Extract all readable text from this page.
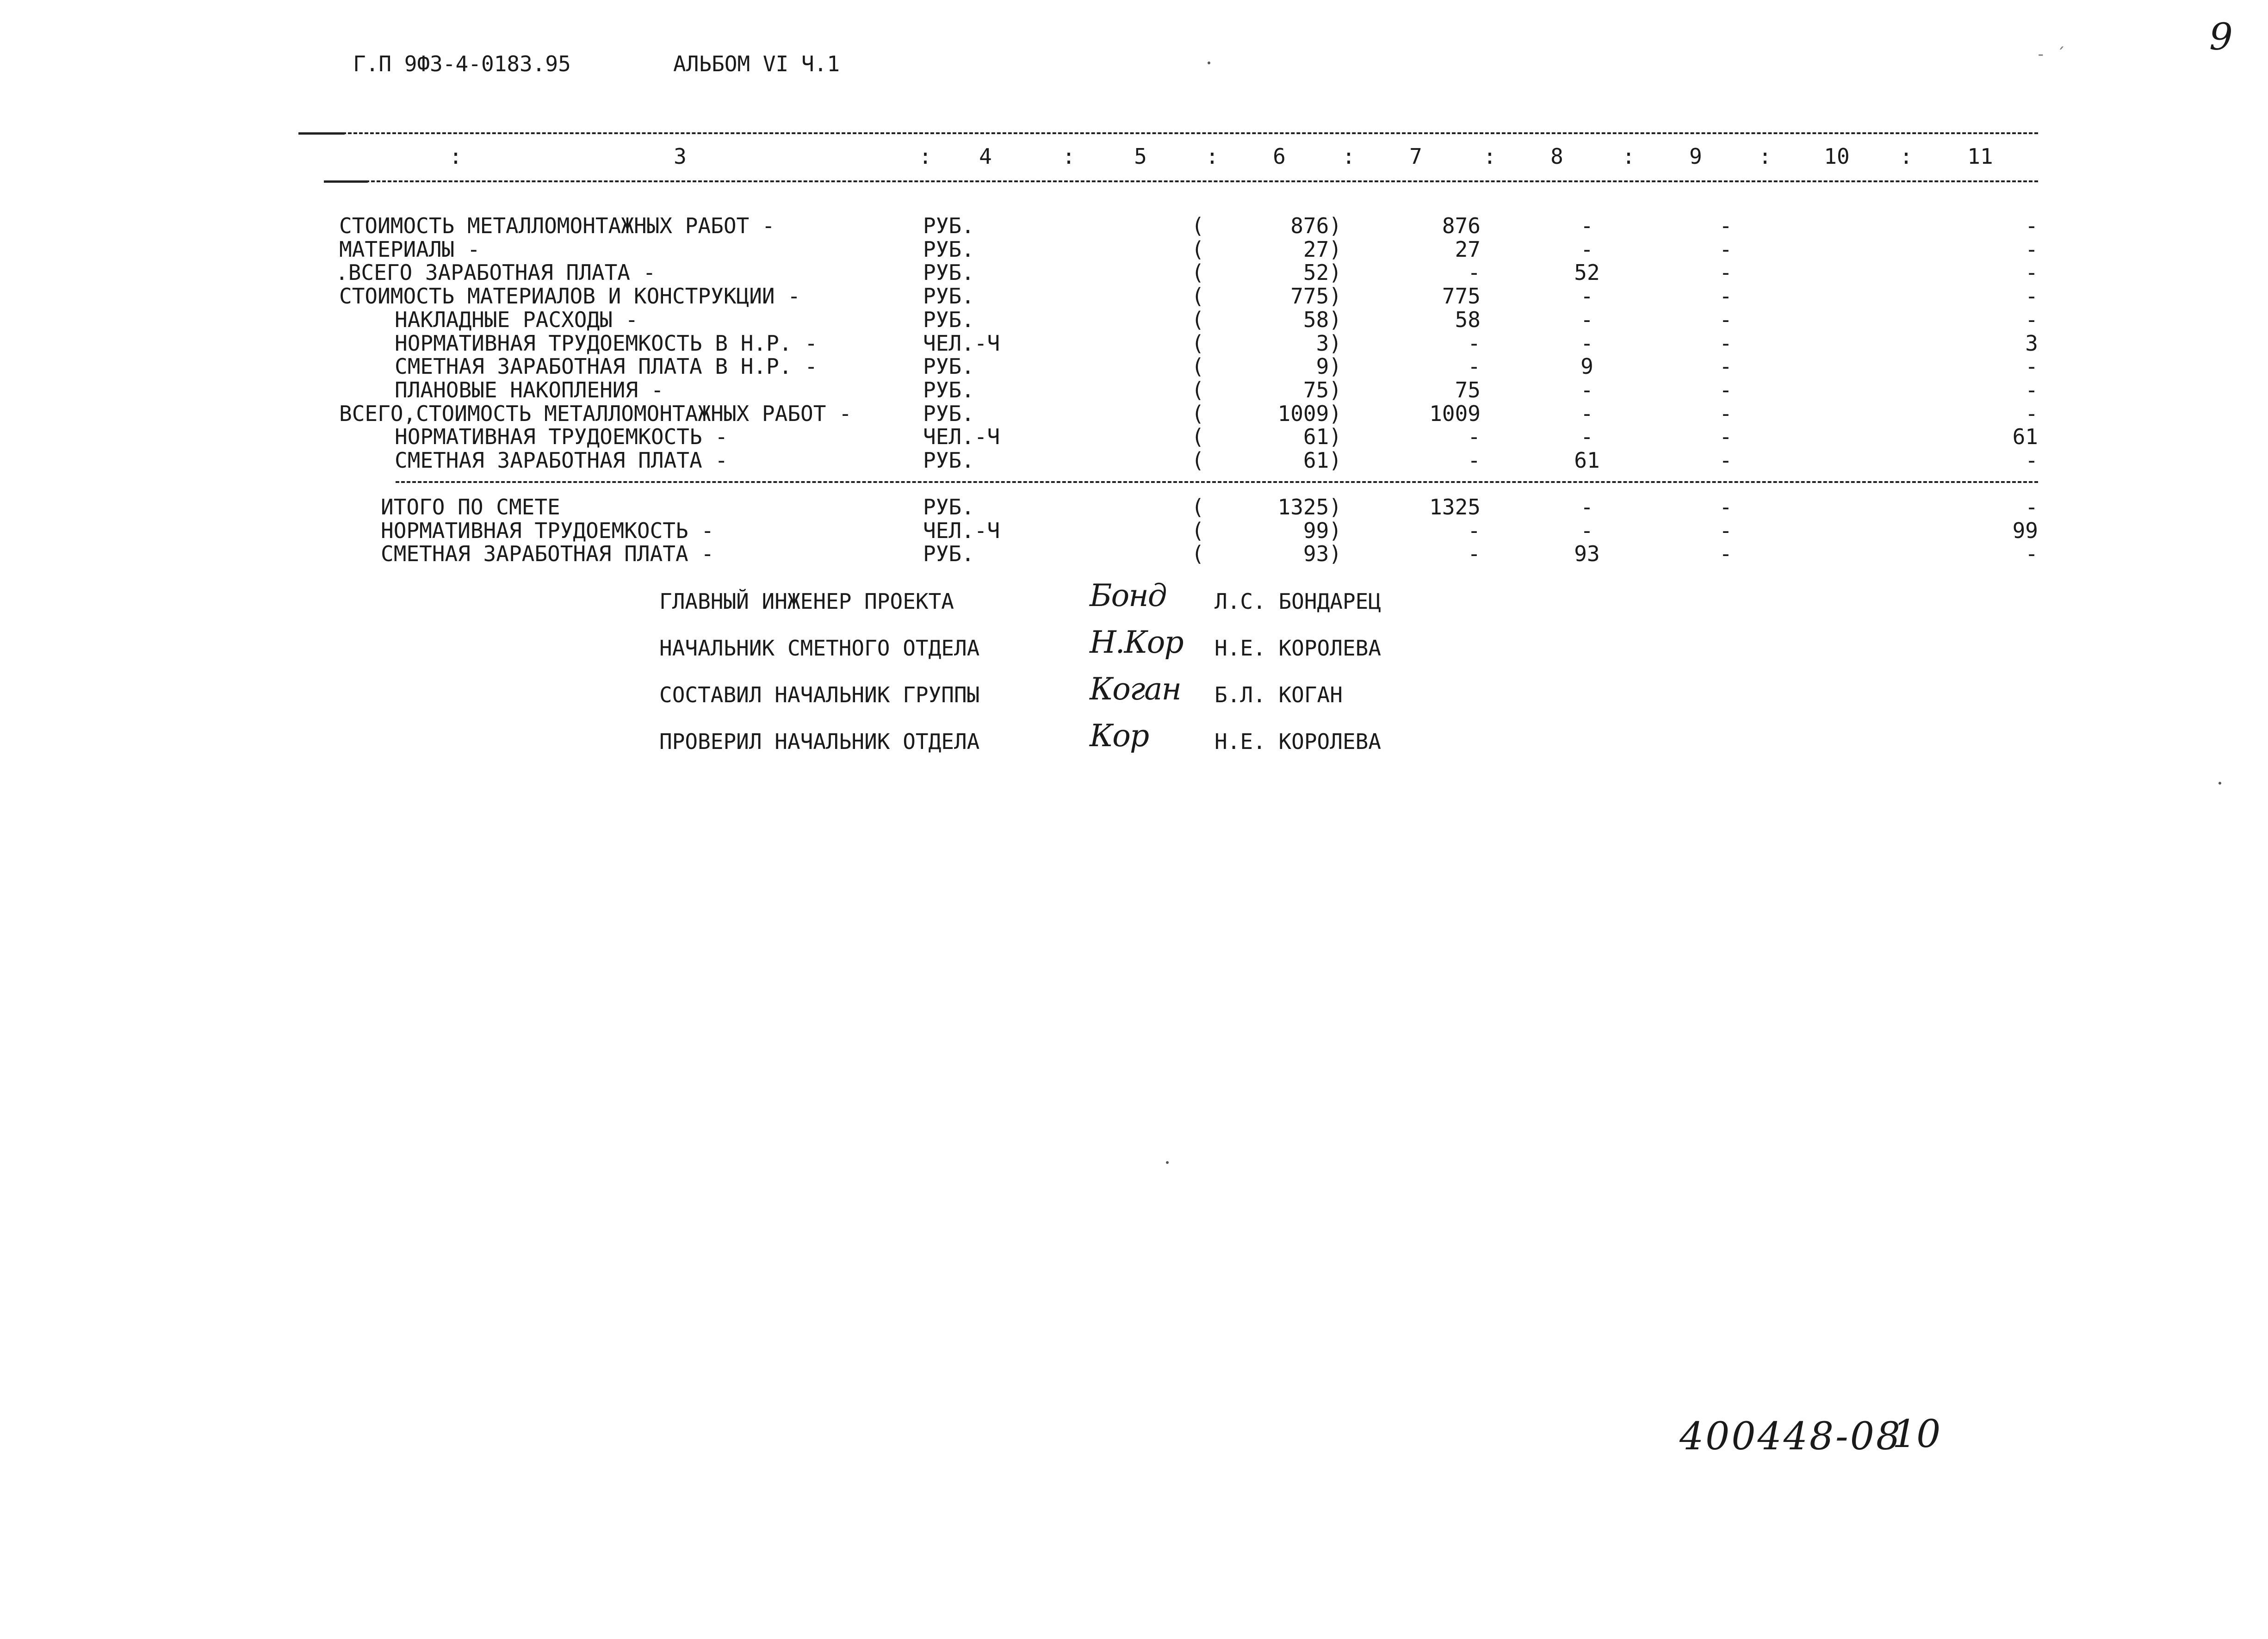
Г.П 9Ф3-4-0183.95	АЛЬБОМ VI Ч.1
9
- ´
:	3	:	4	:	5	:	6	:	7	:	8	:	9	:	10	:	11
СТОИМОСТЬ МЕТАЛЛОМОНТАЖНЫХ РАБОТ -	РУБ.	(	876)	876	-	-	-
МАТЕРИАЛЫ -	РУБ.	(	27)	27	-	-	-
.ВСЕГО ЗАРАБОТНАЯ ПЛАТА -	РУБ.	(	52)	-	52	-	-
СТОИМОСТЬ МАТЕРИАЛОВ И КОНСТРУКЦИИ -	РУБ.	(	775)	775	-	-	-
НАКЛАДНЫЕ РАСХОДЫ -	РУБ.	(	58)	58	-	-	-
НОРМАТИВНАЯ ТРУДОЕМКОСТЬ В Н.Р. -	ЧЕЛ.-Ч	(	3)	-	-	-	3
СМЕТНАЯ ЗАРАБОТНАЯ ПЛАТА В Н.Р. -	РУБ.	(	9)	-	9	-	-
ПЛАНОВЫЕ НАКОПЛЕНИЯ -	РУБ.	(	75)	75	-	-	-
ВСЕГО,СТОИМОСТЬ МЕТАЛЛОМОНТАЖНЫХ РАБОТ -	РУБ.	(	1009)	1009	-	-	-
НОРМАТИВНАЯ ТРУДОЕМКОСТЬ -	ЧЕЛ.-Ч	(	61)	-	-	-	61
СМЕТНАЯ ЗАРАБОТНАЯ ПЛАТА -	РУБ.	(	61)	-	61	-	-
ИТОГО ПО СМЕТЕ	РУБ.	(	1325)	1325	-	-	-
НОРМАТИВНАЯ ТРУДОЕМКОСТЬ -	ЧЕЛ.-Ч	(	99)	-	-	-	99
СМЕТНАЯ ЗАРАБОТНАЯ ПЛАТА -	РУБ.	(	93)	-	93	-	-
ГЛАВНЫЙ ИНЖЕНЕР ПРОЕКТА	Бонд Л.С. БОНДАРЕЦ
НАЧАЛЬНИК СМЕТНОГО ОТДЕЛА	Н.Кор Н.Е. КОРОЛЕВА
СОСТАВИЛ НАЧАЛЬНИК ГРУППЫ	Коган Б.Л. КОГАН
ПРОВЕРИЛ НАЧАЛЬНИК ОТДЕЛА	Кор	Н.Е. КОРОЛЕВА
400448-08
10
